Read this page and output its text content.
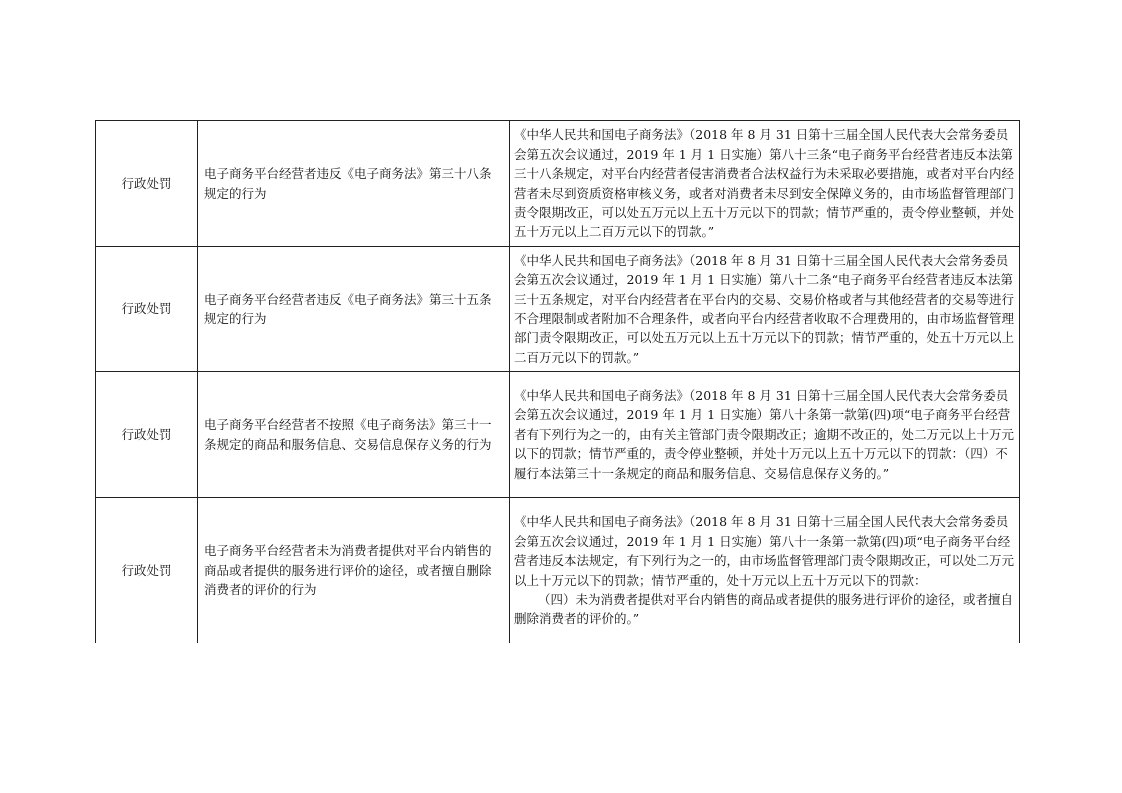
行政处罚	电子商务平台经营者违反《电子商务法》第三十八条规定的行为	《中华人民共和国电子商务法》（2018 年 8 月 31 日第十三届全国人民代表大会常务委员会第五次会议通过，2019 年 1 月 1 日实施）第八十三条“电子商务平台经营者违反本法第三十八条规定，对平台内经营者侵害消费者合法权益行为未采取必要措施，或者对平台内经营者未尽到资质资格审核义务，或者对消费者未尽到安全保障义务的，由市场监督管理部门责令限期改正，可以处五万元以上五十万元以下的罚款；情节严重的，责令停业整顿，并处五十万元以上二百万元以下的罚款。”

行政处罚	电子商务平台经营者违反《电子商务法》第三十五条规定的行为	《中华人民共和国电子商务法》（2018 年 8 月 31 日第十三届全国人民代表大会常务委员会第五次会议通过，2019 年 1 月 1 日实施）第八十二条“电子商务平台经营者违反本法第三十五条规定，对平台内经营者在平台内的交易、交易价格或者与其他经营者的交易等进行不合理限制或者附加不合理条件，或者向平台内经营者收取不合理费用的，由市场监督管理部门责令限期改正，可以处五万元以上五十万元以下的罚款；情节严重的，处五十万元以上二百万元以下的罚款。”

行政处罚	电子商务平台经营者不按照《电子商务法》第三十一条规定的商品和服务信息、交易信息保存义务的行为	《中华人民共和国电子商务法》（2018 年 8 月 31 日第十三届全国人民代表大会常务委员会第五次会议通过，2019 年 1 月 1 日实施）第八十条第一款第(四)项“电子商务平台经营者有下列行为之一的，由有关主管部门责令限期改正；逾期不改正的，处二万元以上十万元以下的罚款；情节严重的，责令停业整顿，并处十万元以上五十万元以下的罚款：（四）不履行本法第三十一条规定的商品和服务信息、交易信息保存义务的。”

行政处罚	电子商务平台经营者未为消费者提供对平台内销售的商品或者提供的服务进行评价的途径，或者擅自删除消费者的评价的行为	《中华人民共和国电子商务法》（2018 年 8 月 31 日第十三届全国人民代表大会常务委员会第五次会议通过，2019 年 1 月 1 日实施）第八十一条第一款第(四)项“电子商务平台经营者违反本法规定，有下列行为之一的，由市场监督管理部门责令限期改正，可以处二万元以上十万元以下的罚款；情节严重的，处十万元以上五十万元以下的罚款：
（四）未为消费者提供对平台内销售的商品或者提供的服务进行评价的途径，或者擅自删除消费者的评价的。”
